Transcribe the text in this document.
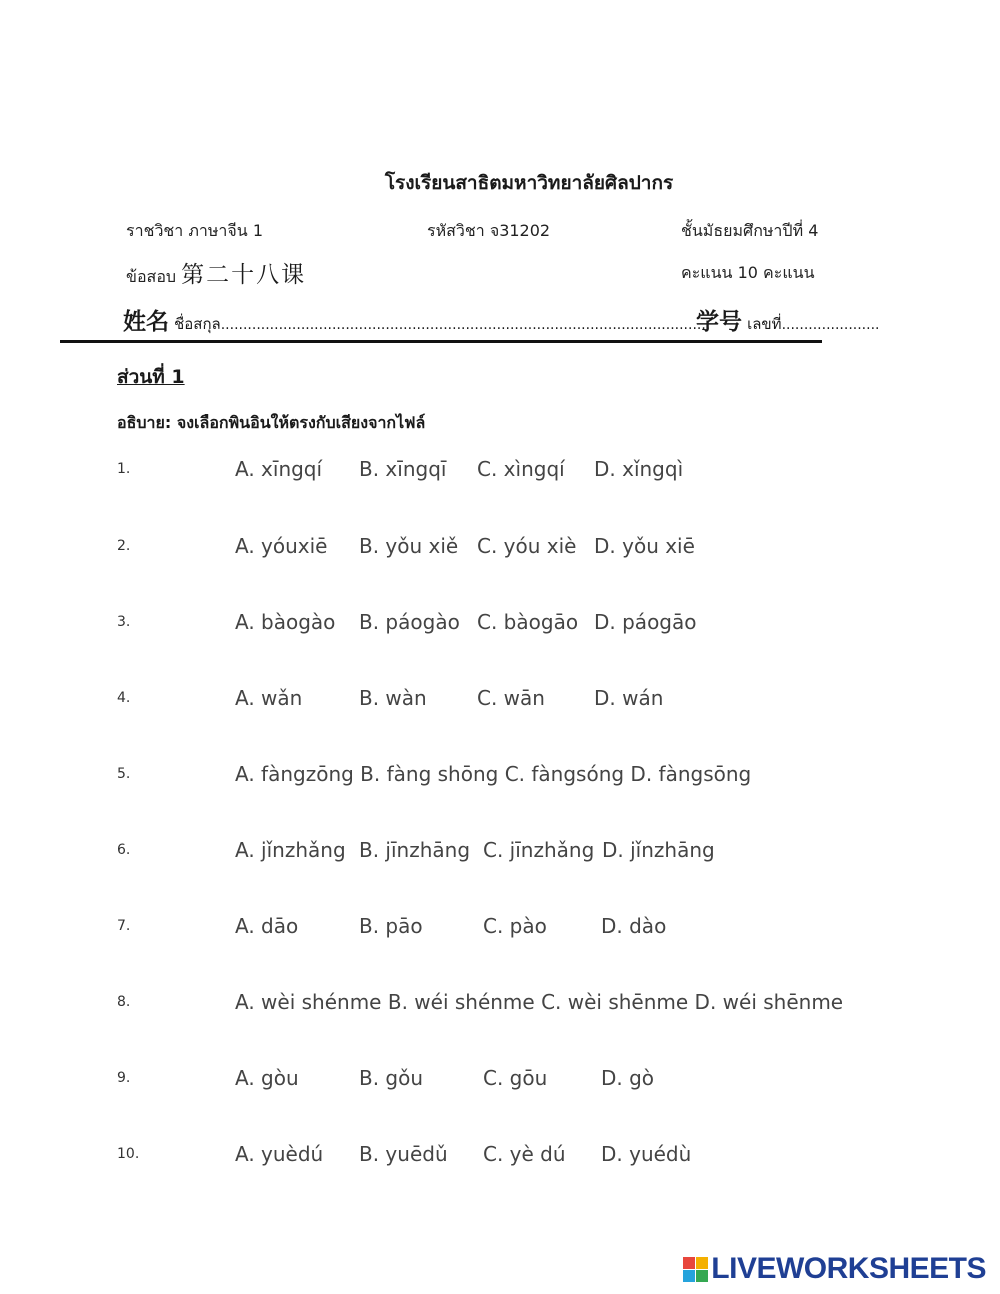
โรงเรียนสาธิตมหาวิทยาลัยศิลปากร
ราชวิชา ภาษาจีน 1	รหัสวิชา จ31202	ชั้นมัธยมศึกษาปีที่ 4
ข้อสอบ 第二十八课	คะแนน 10 คะแนน
姓名 ชื่อสกุล..............................................................................................................
学号 เลขที่......................
ส่วนที่ 1
อธิบาย: จงเลือกพินอินให้ตรงกับเสียงจากไฟล์
1.	A. xīngqí B. xīngqī C. xìngqí D. xǐngqì
2.	A. yóuxiē B. yǒu xiě C. yóu xiè D. yǒu xiē
3.	A. bàogào B. páogào C. bàogāo D. páogāo
4.	A. wǎn	B. wàn	C. wān D. wán
5.	A. fàngzōng B. fàng shōng C. fàngsóng D. fàngsōng
6.	A. jǐnzhǎng B. jīnzhāng C. jīnzhǎng D. jǐnzhāng
7.	A. dāo	B. pāo	C. pào	D. dào
8.	A. wèi shénme B. wéi shénme C. wèi shēnme D. wéi shēnme
9.	A. gòu	B. gǒu	C. gōu	D. gò
10.	A. yuèdú B. yuēdǔ C. yè dú D. yuédù
LIVEWORKSHEETS
